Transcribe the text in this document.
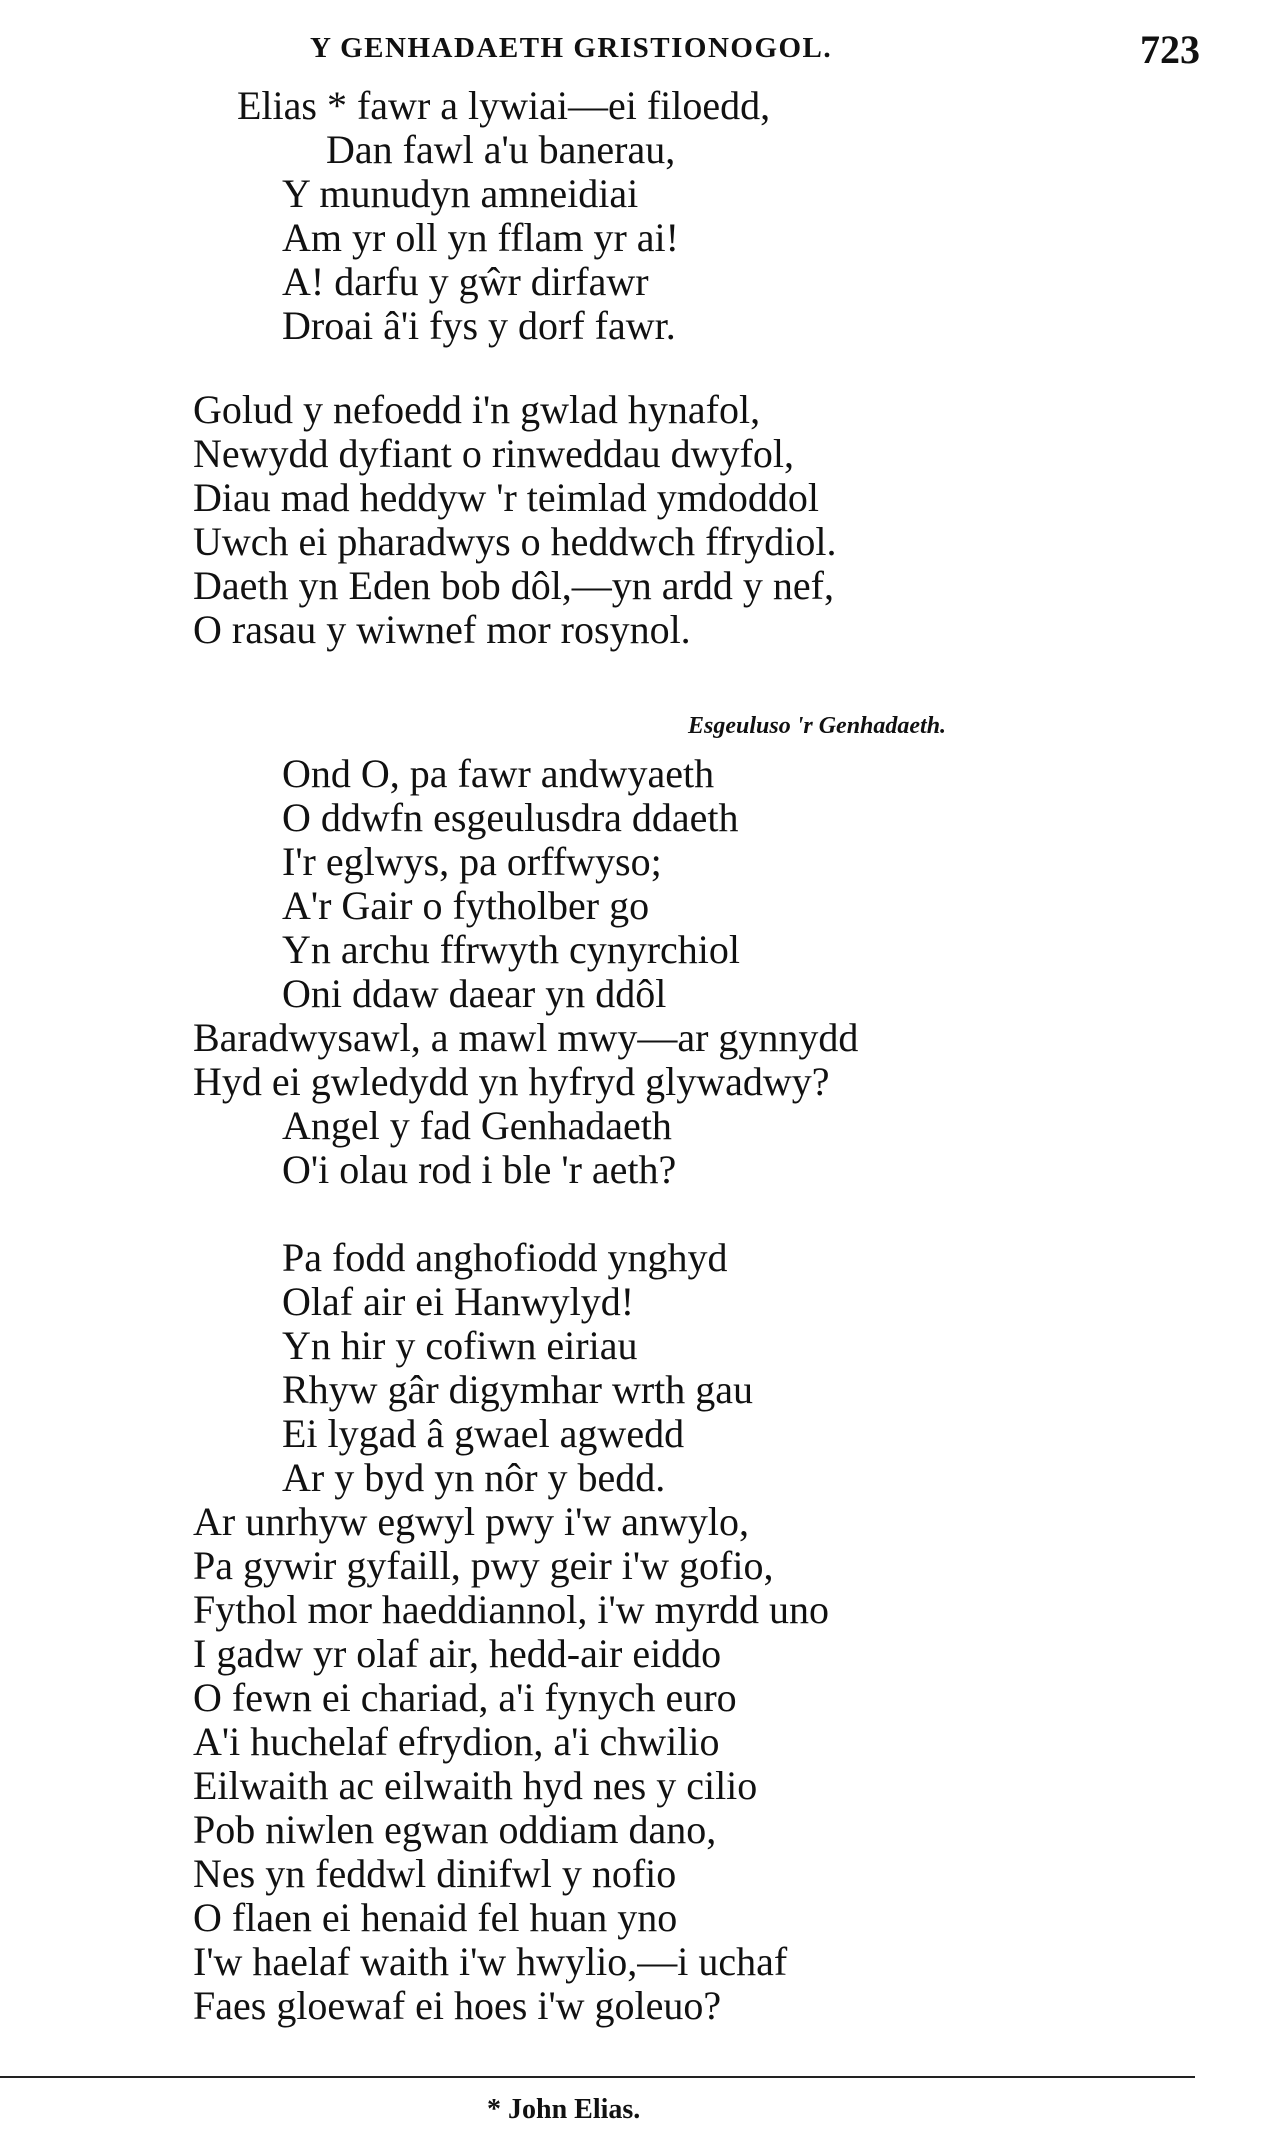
Y GENHADAETH GRISTIONOGOL.	723
Elias * fawr a lywiai—ei filoedd,
Dan fawl a'u banerau,
Y munudyn amneidiai
Am yr oll yn fflam yr ai!
A! darfu y gŵr dirfawr
Droai â'i fys y dorf fawr.
Golud y nefoedd i'n gwlad hynafol,
Newydd dyfiant o rinweddau dwyfol,
Diau mad heddyw 'r teimlad ymdoddol
Uwch ei pharadwys o heddwch ffrydiol.
Daeth yn Eden bob dôl,—yn ardd y nef,
O rasau y wiwnef mor rosynol.
Esgeuluso 'r Genhadaeth.
Ond O, pa fawr andwyaeth
O ddwfn esgeulusdra ddaeth
I'r eglwys, pa orffwyso;
A'r Gair o fytholber go
Yn archu ffrwyth cynyrchiol
Oni ddaw daear yn ddôl
Baradwysawl, a mawl mwy—ar gynnydd
Hyd ei gwledydd yn hyfryd glywadwy?
Angel y fad Genhadaeth
O'i olau rod i ble 'r aeth?
Pa fodd anghofiodd ynghyd
Olaf air ei Hanwylyd!
Yn hir y cofiwn eiriau
Rhyw gâr digymhar wrth gau
Ei lygad â gwael agwedd
Ar y byd yn nôr y bedd.
Ar unrhyw egwyl pwy i'w anwylo,
Pa gywir gyfaill, pwy geir i'w gofio,
Fythol mor haeddiannol, i'w myrdd uno
I gadw yr olaf air, hedd-air eiddo
O fewn ei chariad, a'i fynych euro
A'i huchelaf efrydion, a'i chwilio
Eilwaith ac eilwaith hyd nes y cilio
Pob niwlen egwan oddiam dano,
Nes yn feddwl dinifwl y nofio
O flaen ei henaid fel huan yno
I'w haelaf waith i'w hwylio,—i uchaf
Faes gloewaf ei hoes i'w goleuo?
* John Elias.
